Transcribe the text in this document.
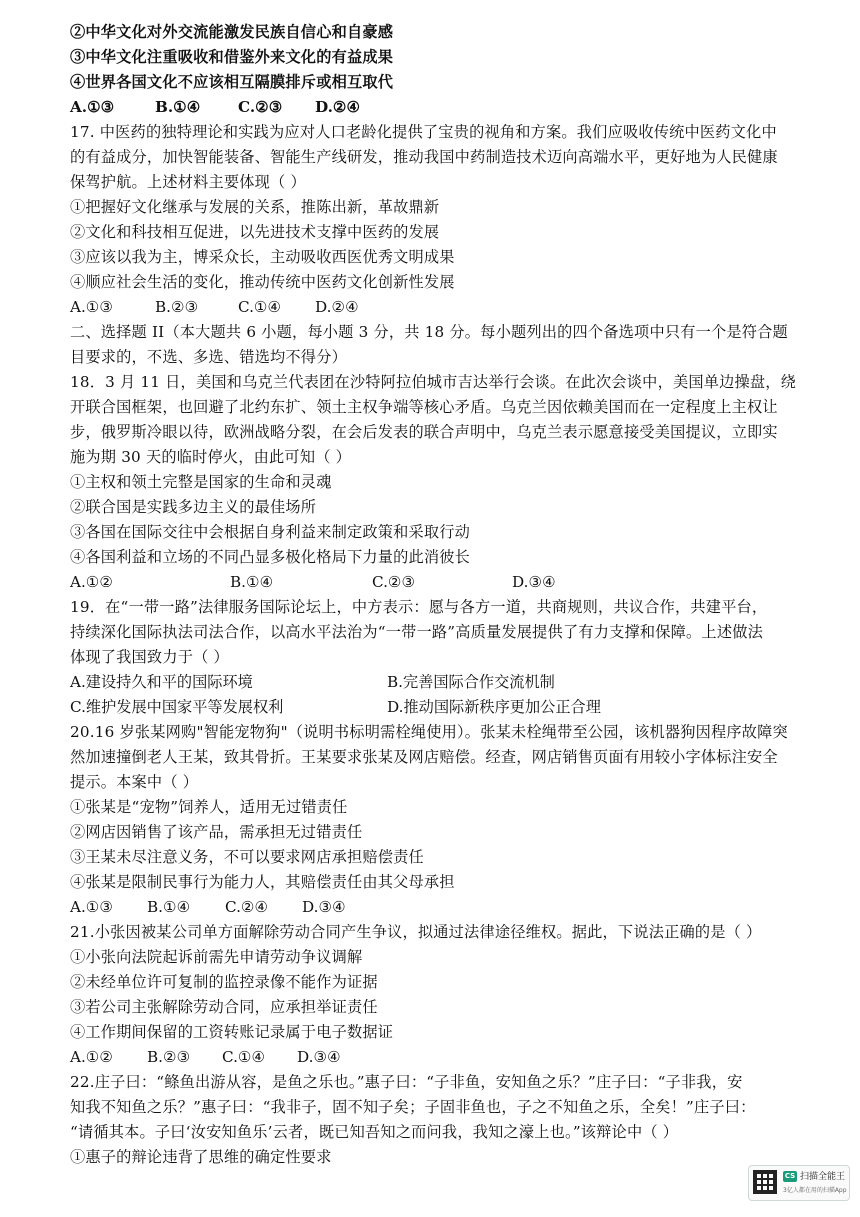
②中华文化对外交流能激发民族自信心和自豪感
③中华文化注重吸收和借鉴外来文化的有益成果
④世界各国文化不应该相互隔膜排斥或相互取代
A.①③	B.①④ C.②③ D.②④
17. 中医药的独特理论和实践为应对人口老龄化提供了宝贵的视角和方案。我们应吸收传统中医药文化中
的有益成分，加快智能装备、智能生产线研发，推动我国中药制造技术迈向高端水平，更好地为人民健康
保驾护航。上述材料主要体现（ ）
①把握好文化继承与发展的关系，推陈出新，革故鼎新
②文化和科技相互促进，以先进技术支撑中医药的发展
③应该以我为主，博采众长，主动吸收西医优秀文明成果
④顺应社会生活的变化，推动传统中医药文化创新性发展
A.①③	B.②③	C.①④ D.②④
二、选择题 II（本大题共 6 小题，每小题 3 分，共 18 分。每小题列出的四个备选项中只有一个是符合题
目要求的，不选、多选、错选均不得分）
18．3 月 11 日，美国和乌克兰代表团在沙特阿拉伯城市吉达举行会谈。在此次会谈中，美国单边操盘，绕
开联合国框架，也回避了北约东扩、领土主权争端等核心矛盾。乌克兰因依赖美国而在一定程度上主权让
步，俄罗斯冷眼以待，欧洲战略分裂，在会后发表的联合声明中，乌克兰表示愿意接受美国提议，立即实
施为期 30 天的临时停火，由此可知（ ）
①主权和领土完整是国家的生命和灵魂
②联合国是实践多边主义的最佳场所
③各国在国际交往中会根据自身利益来制定政策和采取行动
④各国利益和立场的不同凸显多极化格局下力量的此消彼长
A.①②	B.①④	C.②③	D.③④
19．在“一带一路”法律服务国际论坛上，中方表示：愿与各方一道，共商规则，共议合作，共建平台，
持续深化国际执法司法合作，以高水平法治为“一带一路”高质量发展提供了有力支撑和保障。上述做法
体现了我国致力于（ ）
A.建设持久和平的国际环境	B.完善国际合作交流机制
C.维护发展中国家平等发展权利	D.推动国际新秩序更加公正合理
20.16 岁张某网购"智能宠物狗"（说明书标明需栓绳使用）。张某未栓绳带至公园，该机器狗因程序故障突
然加速撞倒老人王某，致其骨折。王某要求张某及网店赔偿。经查，网店销售页面有用较小字体标注安全
提示。本案中（ ）
①张某是“宠物”饲养人，适用无过错责任
②网店因销售了该产品，需承担无过错责任
③王某未尽注意义务，不可以要求网店承担赔偿责任
④张某是限制民事行为能力人，其赔偿责任由其父母承担
A.①③ B.①④ C.②④ D.③④
21.小张因被某公司单方面解除劳动合同产生争议，拟通过法律途径维权。据此，下说法正确的是（ ）
①小张向法院起诉前需先申请劳动争议调解
②未经单位许可复制的监控录像不能作为证据
③若公司主张解除劳动合同，应承担举证责任
④工作期间保留的工资转账记录属于电子数据证
A.①② B.②③ C.①④ D.③④
22.庄子曰：“鲦鱼出游从容，是鱼之乐也。”惠子曰：“子非鱼，安知鱼之乐？”庄子曰：“子非我，安
知我不知鱼之乐？”惠子曰：“我非子，固不知子矣；子固非鱼也，子之不知鱼之乐，全矣！”庄子曰：
“请循其本。子曰‘汝安知鱼乐’云者，既已知吾知之而问我，我知之濠上也。”该辩论中（ ）
①惠子的辩论违背了思维的确定性要求
CS 扫描全能王
3亿人都在用的扫描App
